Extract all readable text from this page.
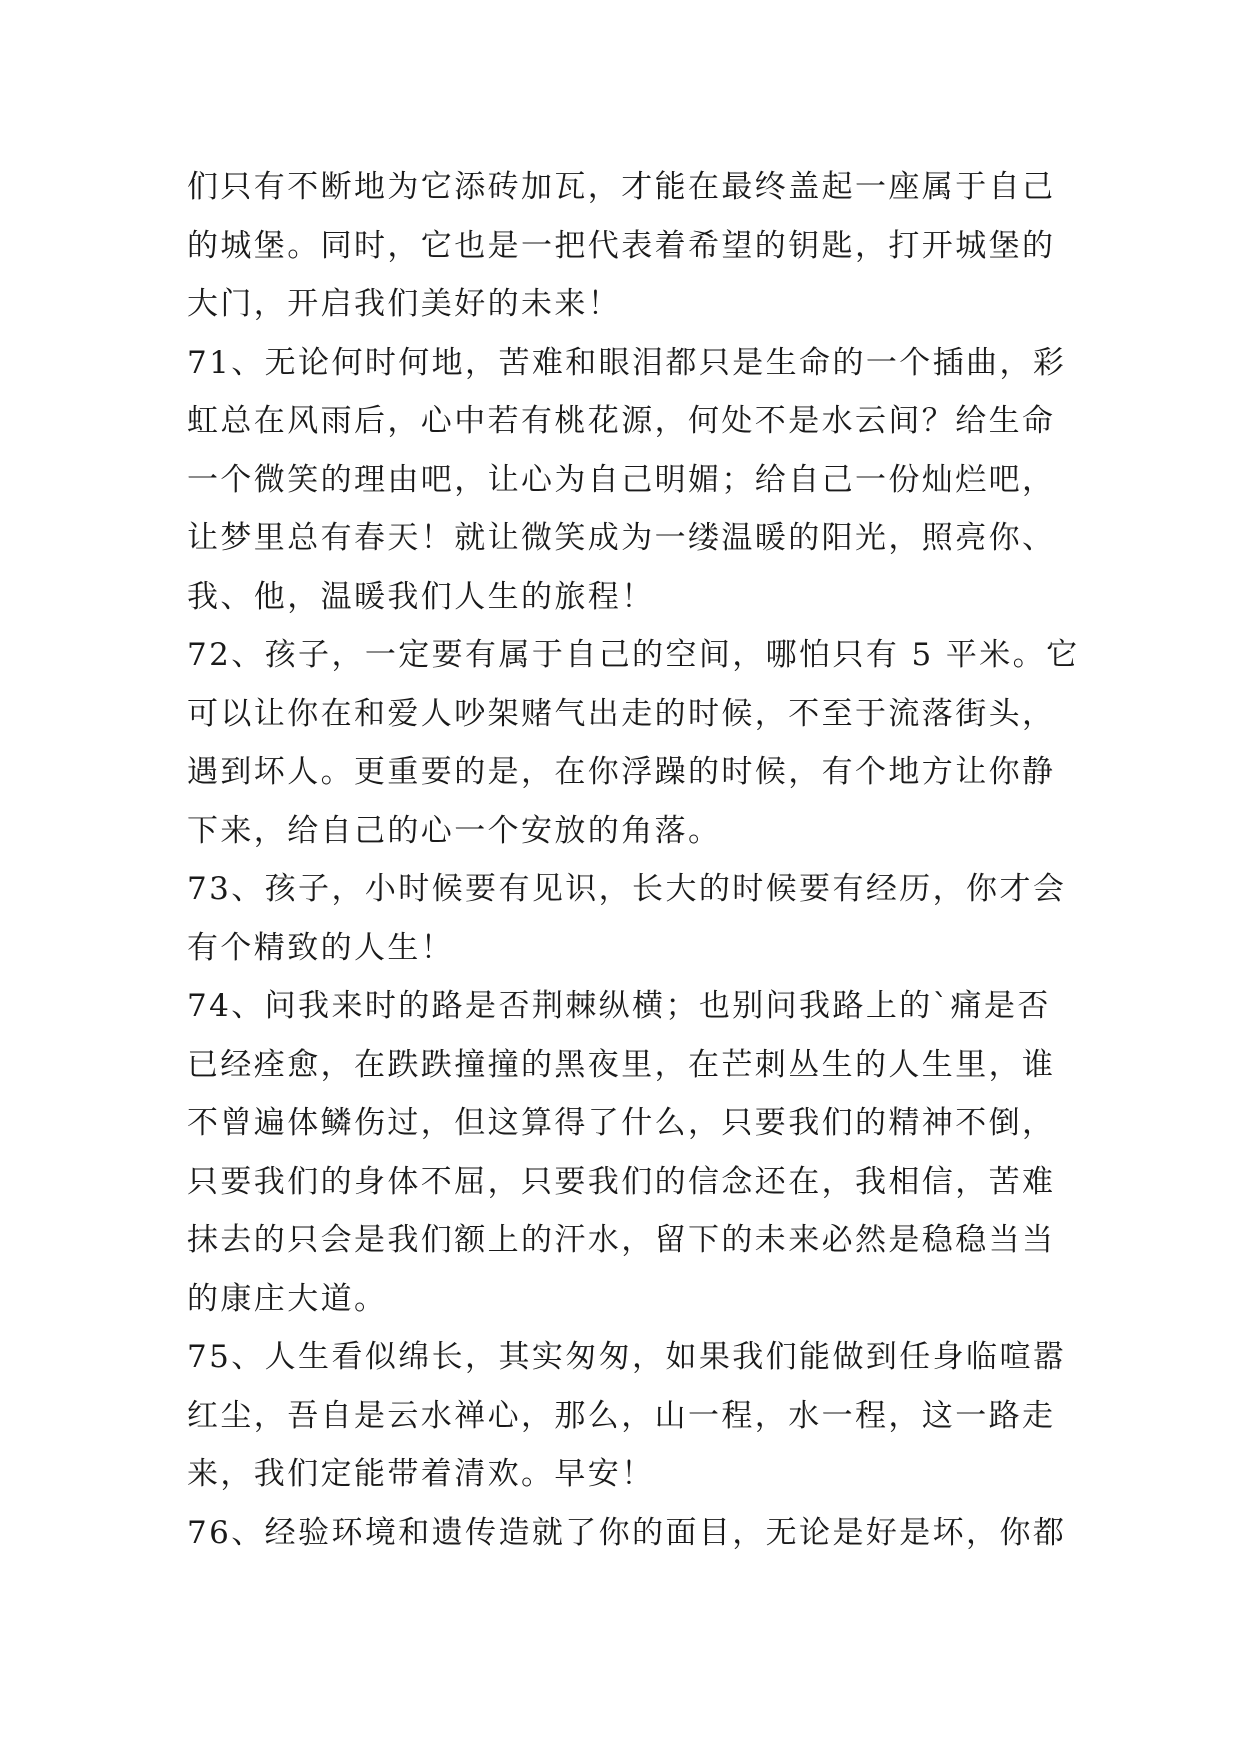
们只有不断地为它添砖加瓦，才能在最终盖起一座属于自己
的城堡。同时，它也是一把代表着希望的钥匙，打开城堡的
大门，开启我们美好的未来！
71、无论何时何地，苦难和眼泪都只是生命的一个插曲，彩
虹总在风雨后，心中若有桃花源，何处不是水云间？给生命
一个微笑的理由吧，让心为自己明媚；给自己一份灿烂吧，
让梦里总有春天！就让微笑成为一缕温暖的阳光，照亮你、
我、他，温暖我们人生的旅程！
72、孩子，一定要有属于自己的空间，哪怕只有 5 平米。它
可以让你在和爱人吵架赌气出走的时候，不至于流落街头，
遇到坏人。更重要的是，在你浮躁的时候，有个地方让你静
下来，给自己的心一个安放的角落。
73、孩子，小时候要有见识，长大的时候要有经历，你才会
有个精致的人生！
74、问我来时的路是否荆棘纵横；也别问我路上的`痛是否
已经痊愈，在跌跌撞撞的黑夜里，在芒刺丛生的人生里，谁
不曾遍体鳞伤过，但这算得了什么，只要我们的精神不倒，
只要我们的身体不屈，只要我们的信念还在，我相信，苦难
抹去的只会是我们额上的汗水，留下的未来必然是稳稳当当
的康庄大道。
75、人生看似绵长，其实匆匆，如果我们能做到任身临喧嚣
红尘，吾自是云水禅心，那么，山一程，水一程，这一路走
来，我们定能带着清欢。早安！
76、经验环境和遗传造就了你的面目，无论是好是坏，你都
